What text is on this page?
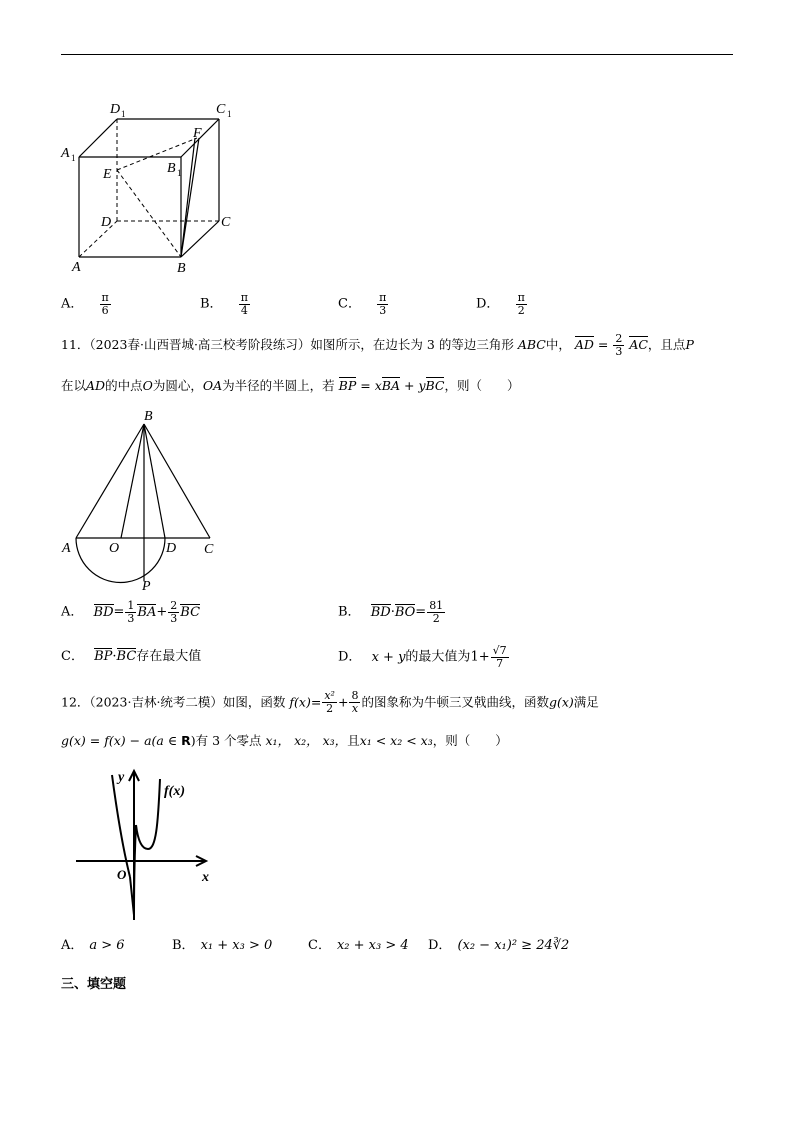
D 1	C 1
A 1
B 1
E
F
D	C
A	B
A． $\frac{\pi}{6}$	B． $\frac{\pi}{4}$	C． $\frac{\pi}{3}$	D． $\frac{\pi}{2}$
11．（2023春·山西晋城·高三校考阶段练习）如图所示，在边长为 3 的等边三角形 ABC中， AD = $\frac{2}{3}$ AC，且点P
在以AD的中点O为圆心，OA为半径的半圆上，若 BP = xBA + yBC，则（　　）
B
A	O	D C
P
A． $BD= \frac{1}{3} BA+ \frac{2}{3}$ BC	B． $BD\cdot BO= \frac{81}{2}$
C． BP·BC存在最大值	D． x + y的最大值为$1+ \frac{√7}{7}$
12．（2023·吉林·统考二模）如图，函数 $f(x)= \frac{\text{x²}}{2} + \frac{8}{x}$ 的图象称为牛顿三叉戟曲线，函数g(x)满足
g(x) = f(x) − a(a ∈ R)有 3 个零点 x₁， x₂， x₃，且x₁ < x₂ < x₃，则（　　）
y
f(x)
O	x
A． a > 6	B． x₁ + x₃ > 0	C． x₂ + x₃ > 4 D． (x₂ − x₁)² ≥ 24∛2
三、填空题
